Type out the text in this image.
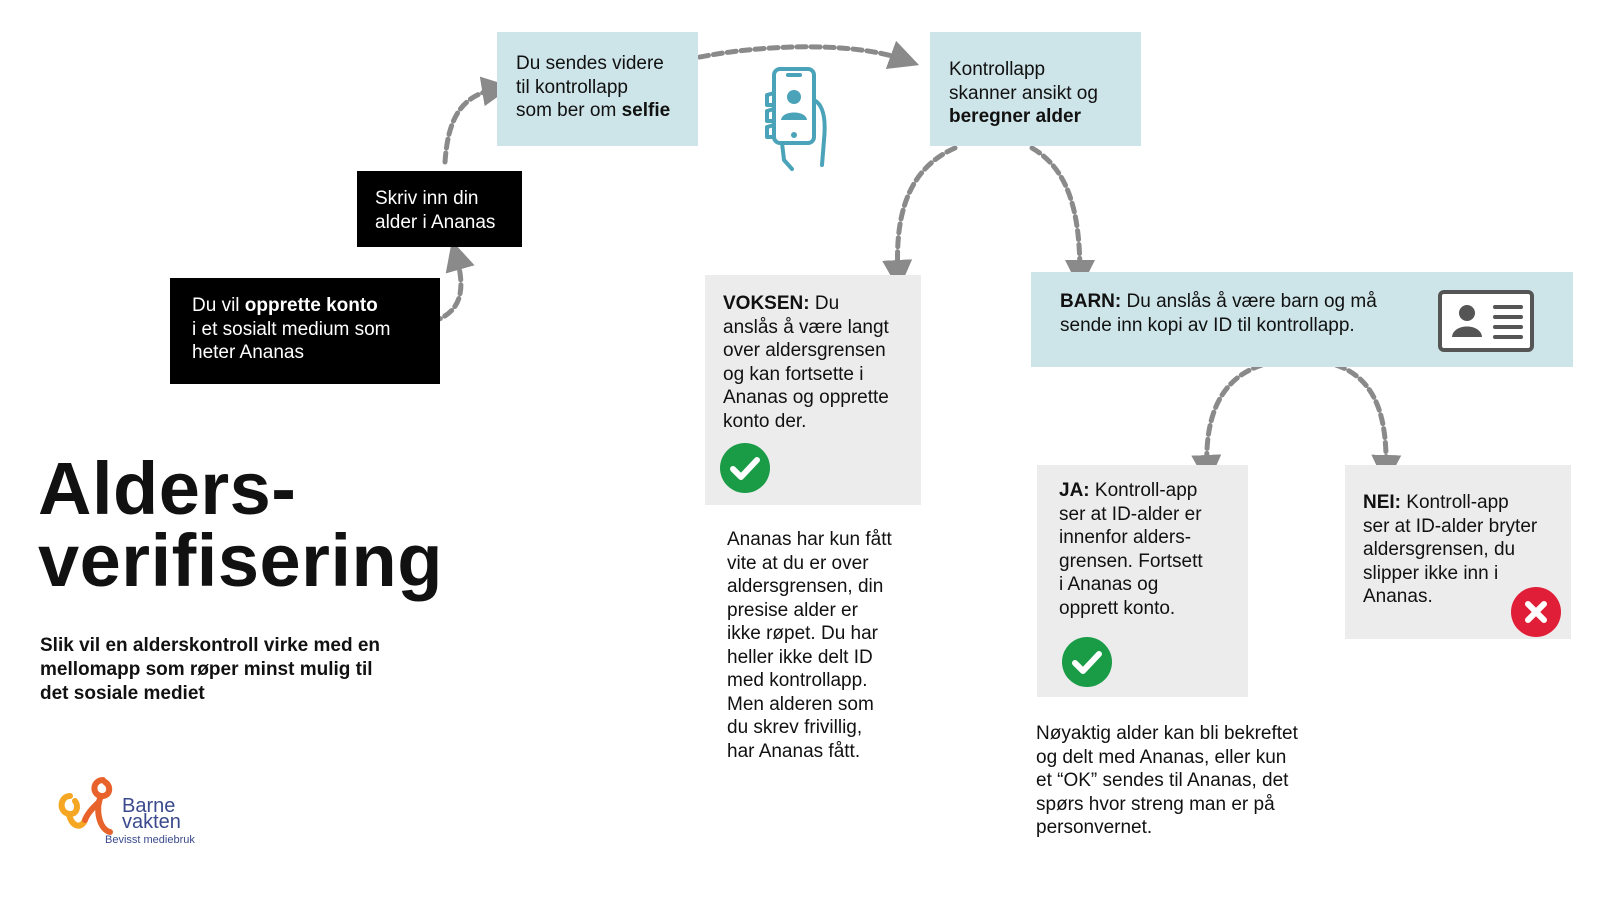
Du vil opprette konto
i et sosialt medium som
heter Ananas
Skriv inn din
alder i Ananas
Du sendes videre
til kontrollapp
som ber om selfie
Kontrollapp
skanner ansikt og
beregner alder
VOKSEN: Du
anslås å være langt
over aldersgrensen
og kan fortsette i
Ananas og opprette
konto der.
Ananas har kun fått
vite at du er over
aldersgrensen, din
presise alder er
ikke røpet. Du har
heller ikke delt ID
med kontrollapp.
Men alderen som
du skrev frivillig,
har Ananas fått.
BARN: Du anslås å være barn og må
sende inn kopi av ID til kontrollapp.
JA: Kontroll-app
ser at ID-alder er
innenfor alders-
grensen. Fortsett
i Ananas og
opprett konto.
Nøyaktig alder kan bli bekreftet
og delt med Ananas, eller kun
et “OK” sendes til Ananas, det
spørs hvor streng man er på
personvernet.
NEI: Kontroll-app
ser at ID-alder bryter
aldersgrensen, du
slipper ikke inn i
Ananas.
Alders-
verifisering
Slik vil en alderskontroll virke med en
mellomapp som røper minst mulig til
det sosiale mediet
Barne
vakten
Bevisst mediebruk
